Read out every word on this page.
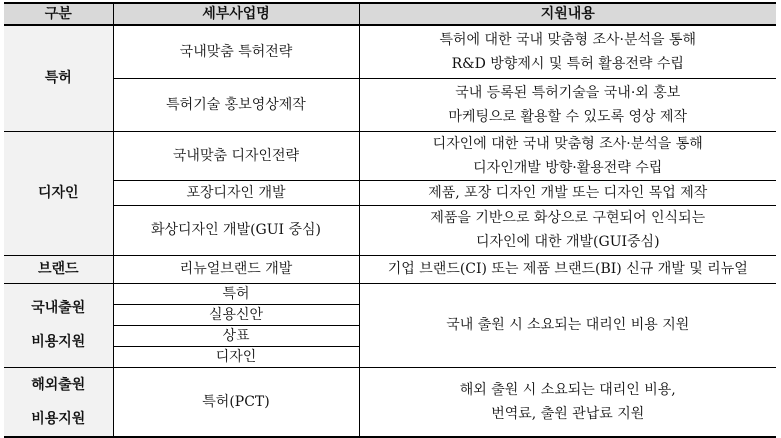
구분	세부사업명	지원내용
특허	국내맞춤 특허전략	특허에 대한 국내 맞춤형 조사·분석을 통해
R&D 방향제시 및 특허 활용전략 수립

	특허기술 홍보영상제작	국내 등록된 특허기술을 국내·외 홍보
마케팅으로 활용할 수 있도록 영상 제작

디자인	국내맞춤 디자인전략	디자인에 대한 국내 맞춤형 조사·분석을 통해
디자인개발 방향·활용전략 수립

	포장디자인 개발	제품, 포장 디자인 개발 또는 디자인 목업 제작

	화상디자인 개발(GUI 중심)	제품을 기반으로 화상으로 구현되어 인식되는
디자인에 대한 개발(GUI중심)

브랜드	리뉴얼브랜드 개발	기업 브랜드(CI) 또는 제품 브랜드(BI) 신규 개발 및 리뉴얼

국내출원
비용지원	특허	국내 출원 시 소요되는 대리인 비용 지원
	실용신안	
	상표	
	디자인	

해외출원
비용지원	특허(PCT)	해외 출원 시 소요되는 대리인 비용,
번역료, 출원 관납료 지원
